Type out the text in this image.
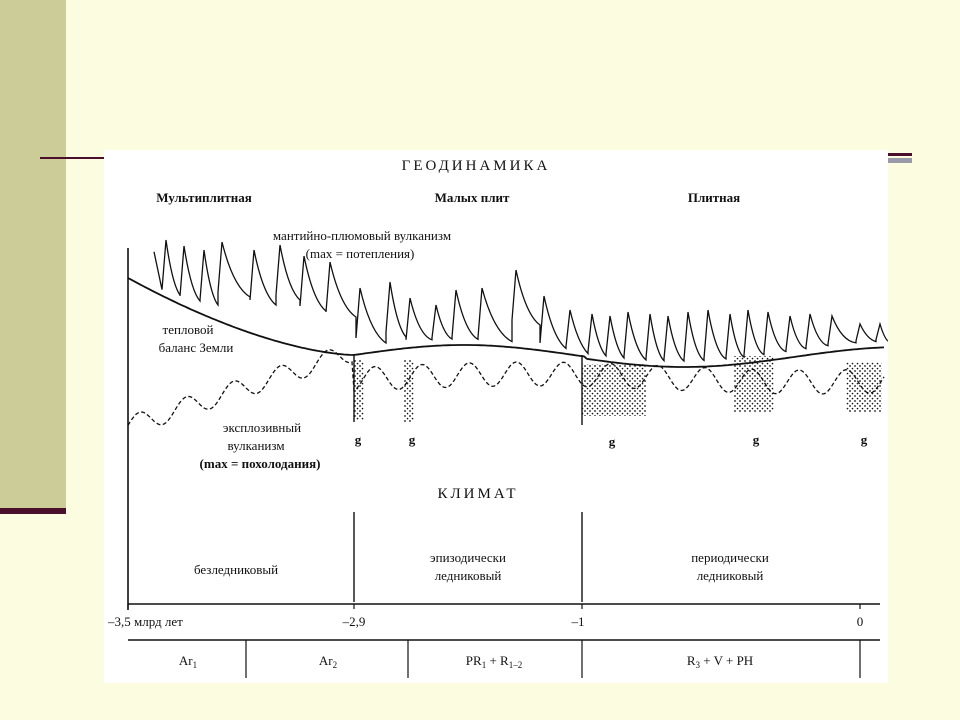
ГЕОДИНАМИКА
Мультиплитная	Малых плит	Плитная
мантийно-плюмовый вулканизм
(max = потепления)
тепловой
баланс Земли
эксплозивный
вулканизм
(max = похолодания)
g	g	g	g	g
КЛИМАТ
безледниковый
эпизодически
ледниковый
периодически
ледниковый
–3,5 млрд лет	–2,9	–1	0
$Ar_1$	$Ar_2$	$PR_1 + R_{1-2}$	$R_3 + V$ + PH
